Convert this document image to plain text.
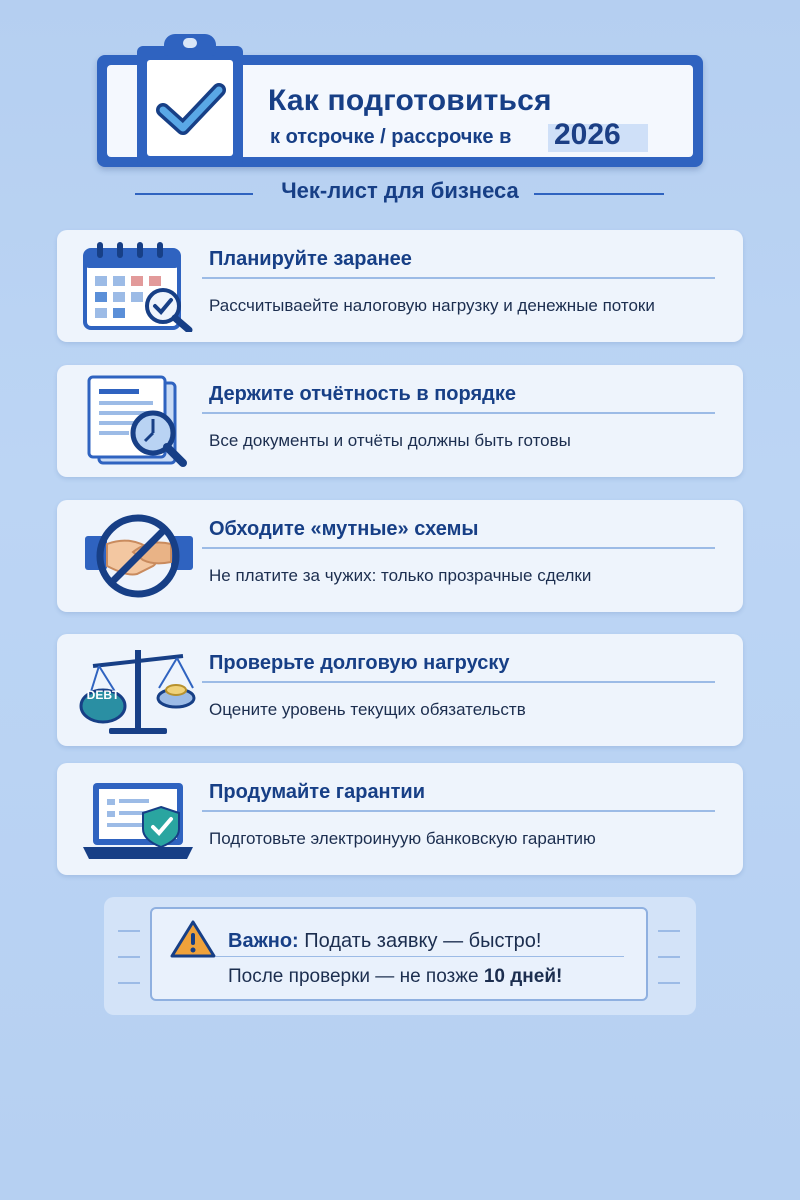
Как подготовиться
к отсрочке / рассрочке в 2026
Чек-лист для бизнеса
Планируйте заранее
Рассчитываейте налоговую нагрузку и денежные потоки
Держите отчётность в порядке
Все документы и отчёты должны быть готовы
Обходите «мутные» схемы
Не платите за чужих: только прозрачные сделки
DEBT
Проверьте долговую нагруску
Оцените уровень текущих обязательств
Продумайте гарантии
Подготовьте электроинуую банковскую гарантию
Важно: Подать заявку — быстро!
После проверки — не позже 10 дней!
